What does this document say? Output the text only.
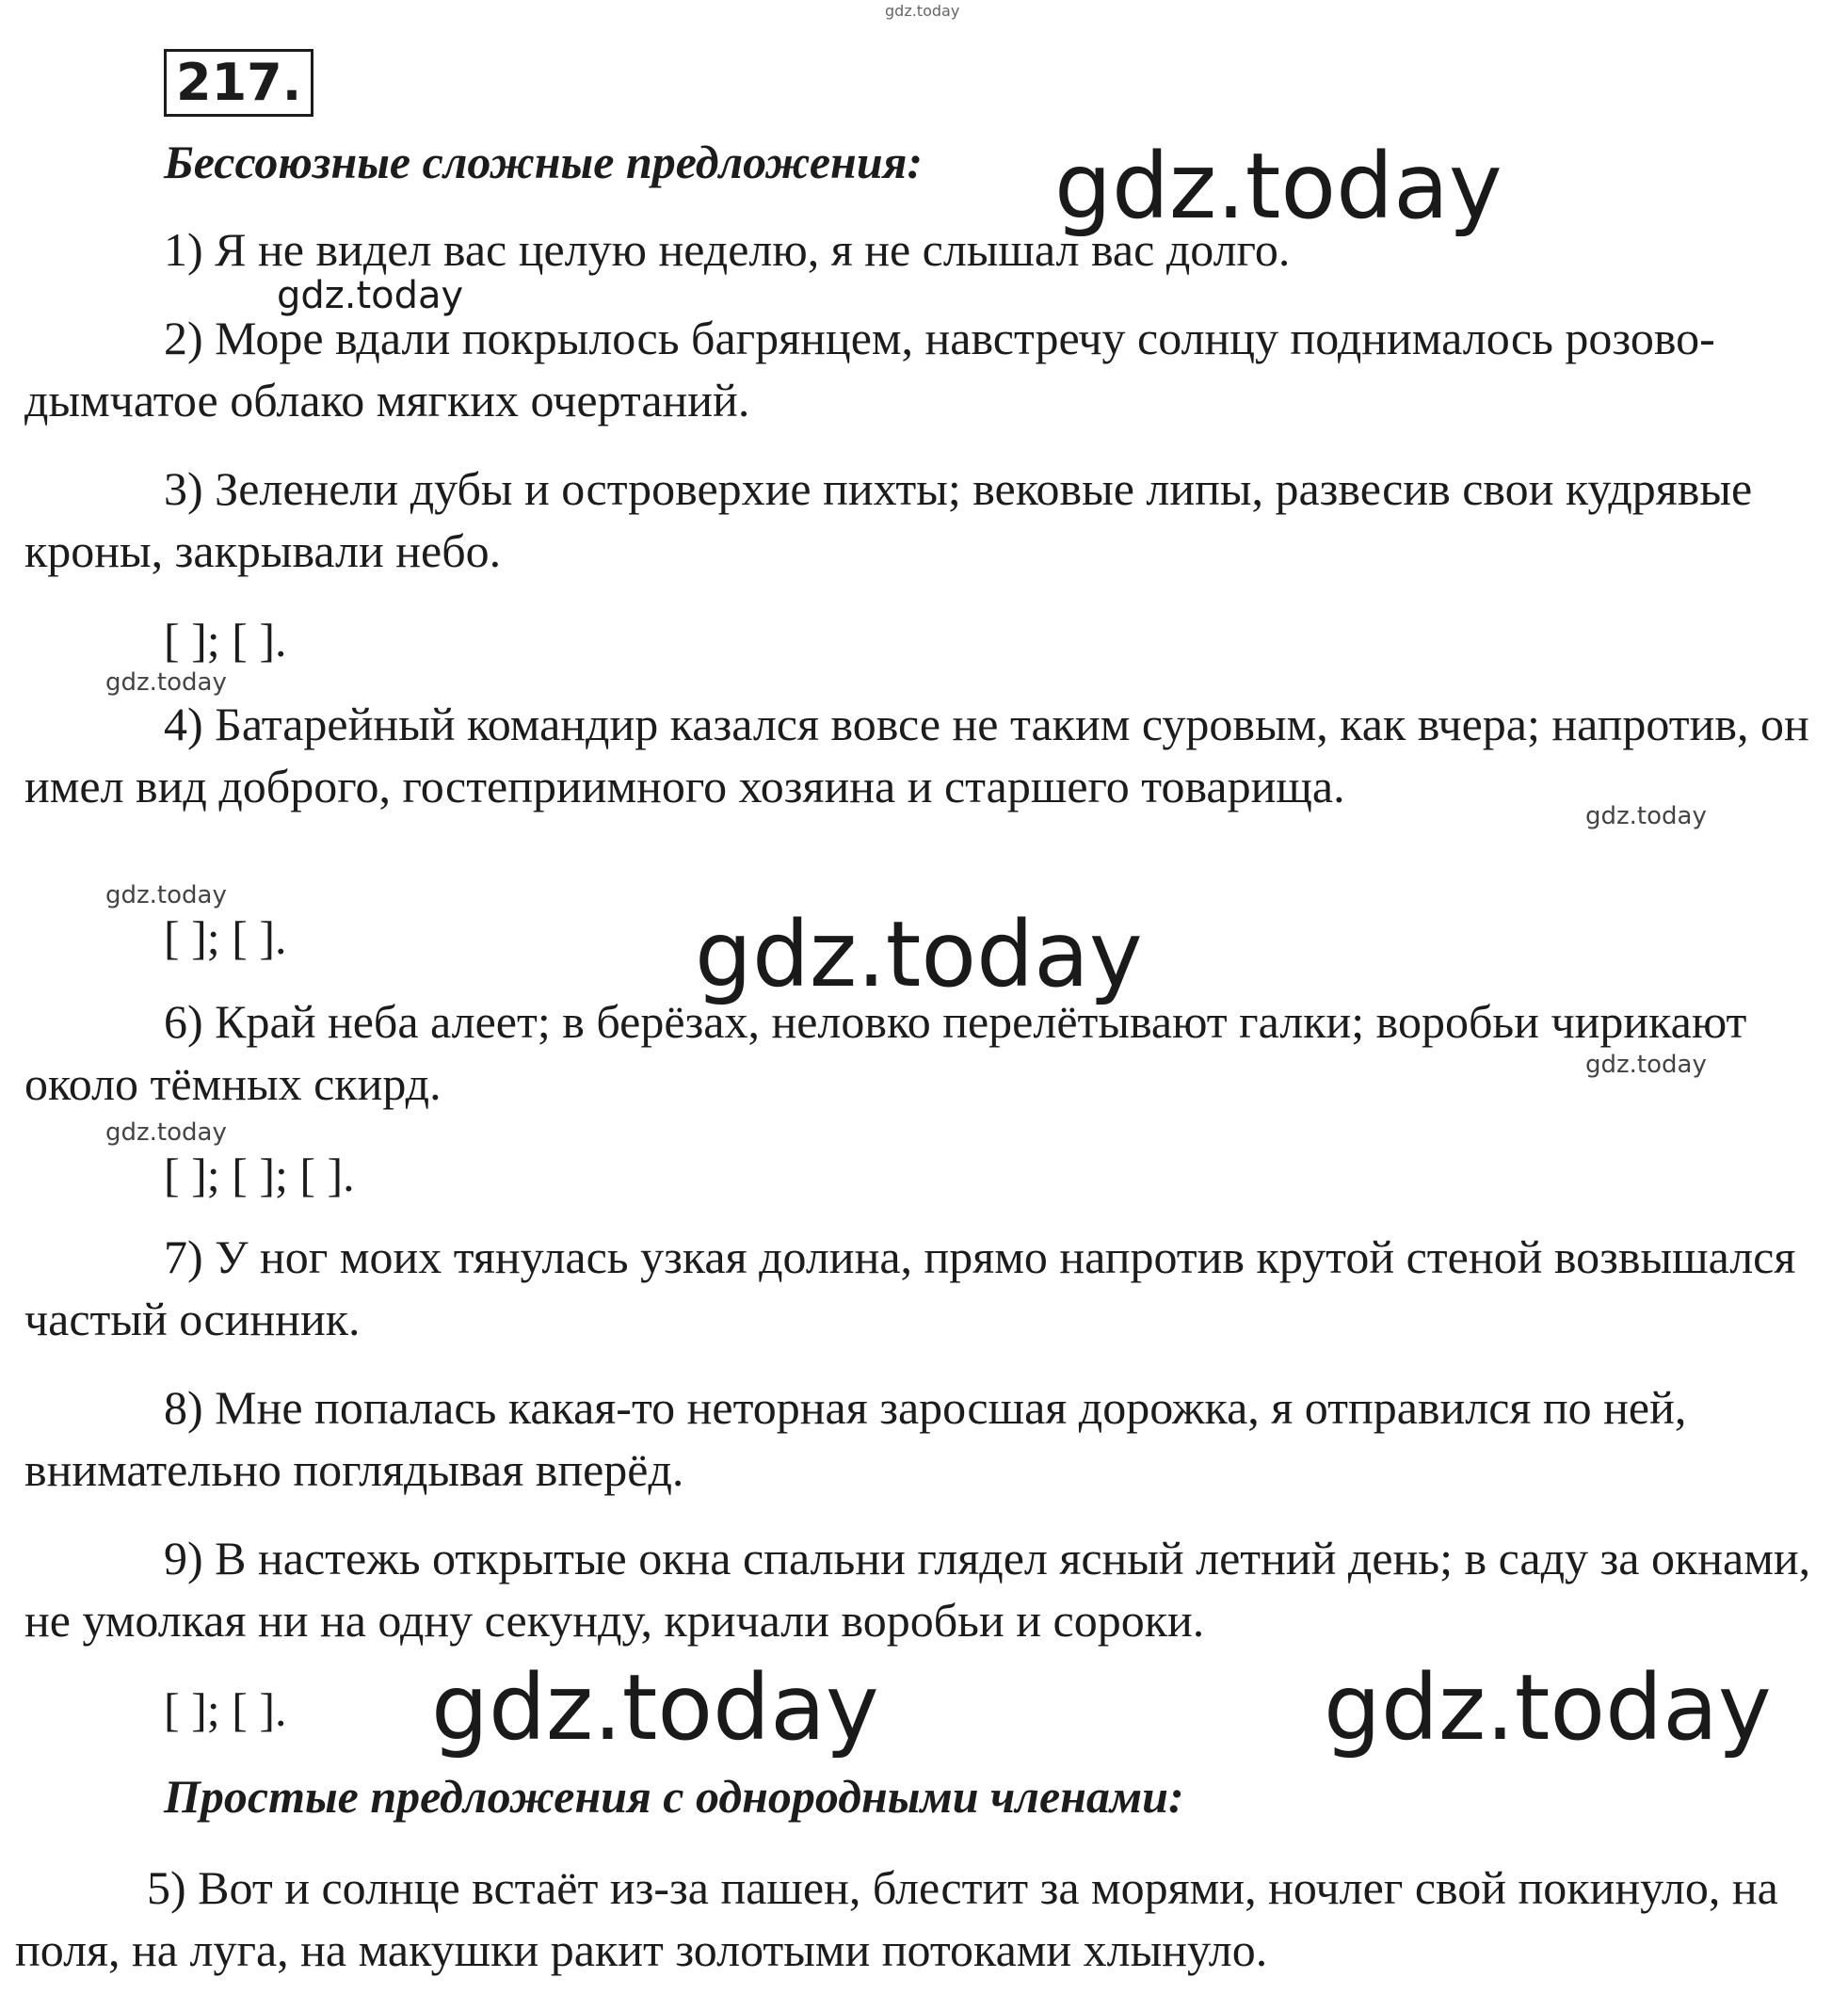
gdz.today
217.
Бессоюзные сложные предложения: gdz.today
1) Я не видел вас целую неделю, я не слышал вас долго.
gdz.today
2) Море вдали покрылось багрянцем, навстречу солнцу поднималось розово-дымчатое облако мягких очертаний.
3) Зеленели дубы и островерхие пихты; вековые липы, развесив свои кудрявые кроны, закрывали небо.
[ ]; [ ].
gdz.today
4) Батарейный командир казался вовсе не таким суровым, как вчера; напротив, он имел вид доброго, гостеприимного хозяина и старшего товарища.
gdz.today
gdz.today
[ ]; [ ].	gdz.today
6) Край неба алеет; в берёзах, неловко перелётывают галки; воробьи чирикают около тёмных скирд.	gdz.today
gdz.today
[ ]; [ ]; [ ].
7) У ног моих тянулась узкая долина, прямо напротив крутой стеной возвышался частый осинник.
8) Мне попалась какая-то неторная заросшая дорожка, я отправился по ней, внимательно поглядывая вперёд.
9) В настежь открытые окна спальни глядел ясный летний день; в саду за окнами, не умолкая ни на одну секунду, кричали воробьи и сороки.
[ ]; [ ]. gdz.today	gdz.today
Простые предложения с однородными членами:
5) Вот и солнце встаёт из-за пашен, блестит за морями, ночлег свой покинуло, на поля, на луга, на макушки ракит золотыми потоками хлынуло.
